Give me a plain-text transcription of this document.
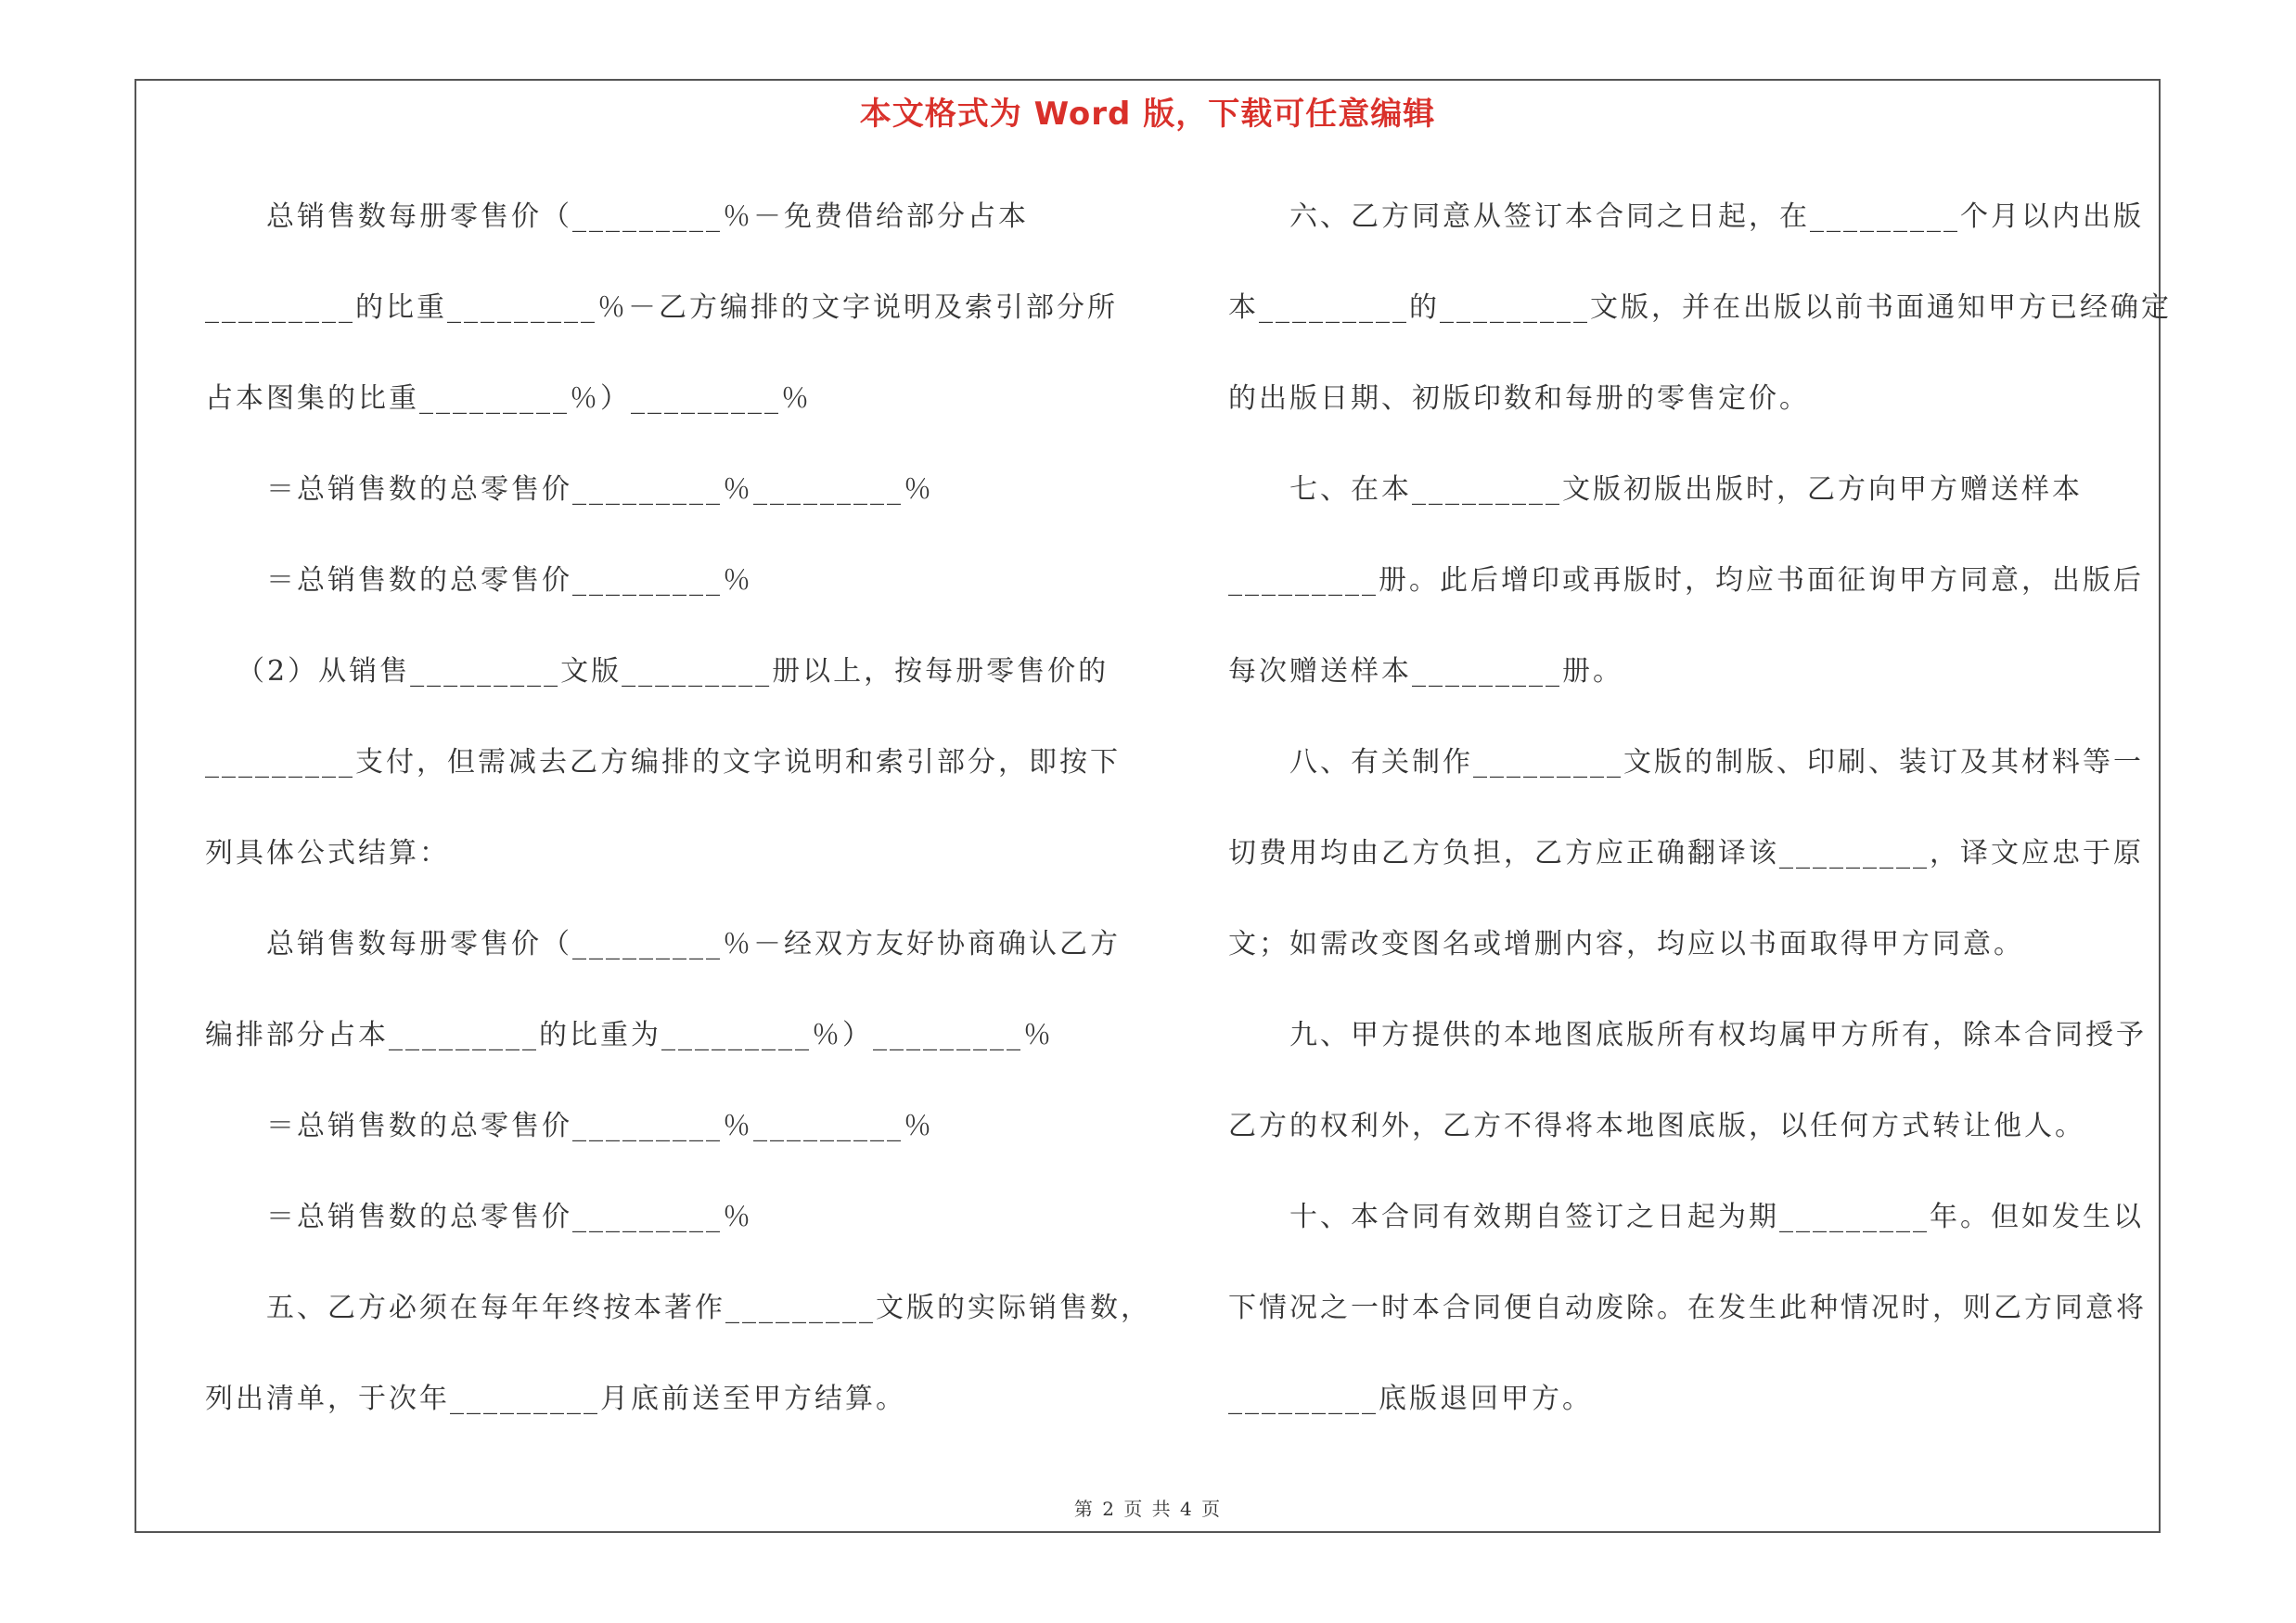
本文格式为 Word 版，下载可任意编辑
总销售数每册零售价（_________％－免费借给部分占本
_________的比重_________％－乙方编排的文字说明及索引部分所
占本图集的比重_________％）_________％
＝总销售数的总零售价_________％_________％
＝总销售数的总零售价_________％
（2）从销售_________文版_________册以上，按每册零售价的
_________支付，但需减去乙方编排的文字说明和索引部分，即按下
列具体公式结算：
总销售数每册零售价（_________％－经双方友好协商确认乙方
编排部分占本_________的比重为_________％）_________％
＝总销售数的总零售价_________％_________％
＝总销售数的总零售价_________％
五、乙方必须在每年年终按本著作_________文版的实际销售数，
列出清单，于次年_________月底前送至甲方结算。
六、乙方同意从签订本合同之日起，在_________个月以内出版
本_________的_________文版，并在出版以前书面通知甲方已经确定
的出版日期、初版印数和每册的零售定价。
七、在本_________文版初版出版时，乙方向甲方赠送样本
_________册。此后增印或再版时，均应书面征询甲方同意，出版后
每次赠送样本_________册。
八、有关制作_________文版的制版、印刷、装订及其材料等一
切费用均由乙方负担，乙方应正确翻译该_________，译文应忠于原
文；如需改变图名或增删内容，均应以书面取得甲方同意。
九、甲方提供的本地图底版所有权均属甲方所有，除本合同授予
乙方的权利外，乙方不得将本地图底版，以任何方式转让他人。
十、本合同有效期自签订之日起为期_________年。但如发生以
下情况之一时本合同便自动废除。在发生此种情况时，则乙方同意将
_________底版退回甲方。
第 2 页 共 4 页
